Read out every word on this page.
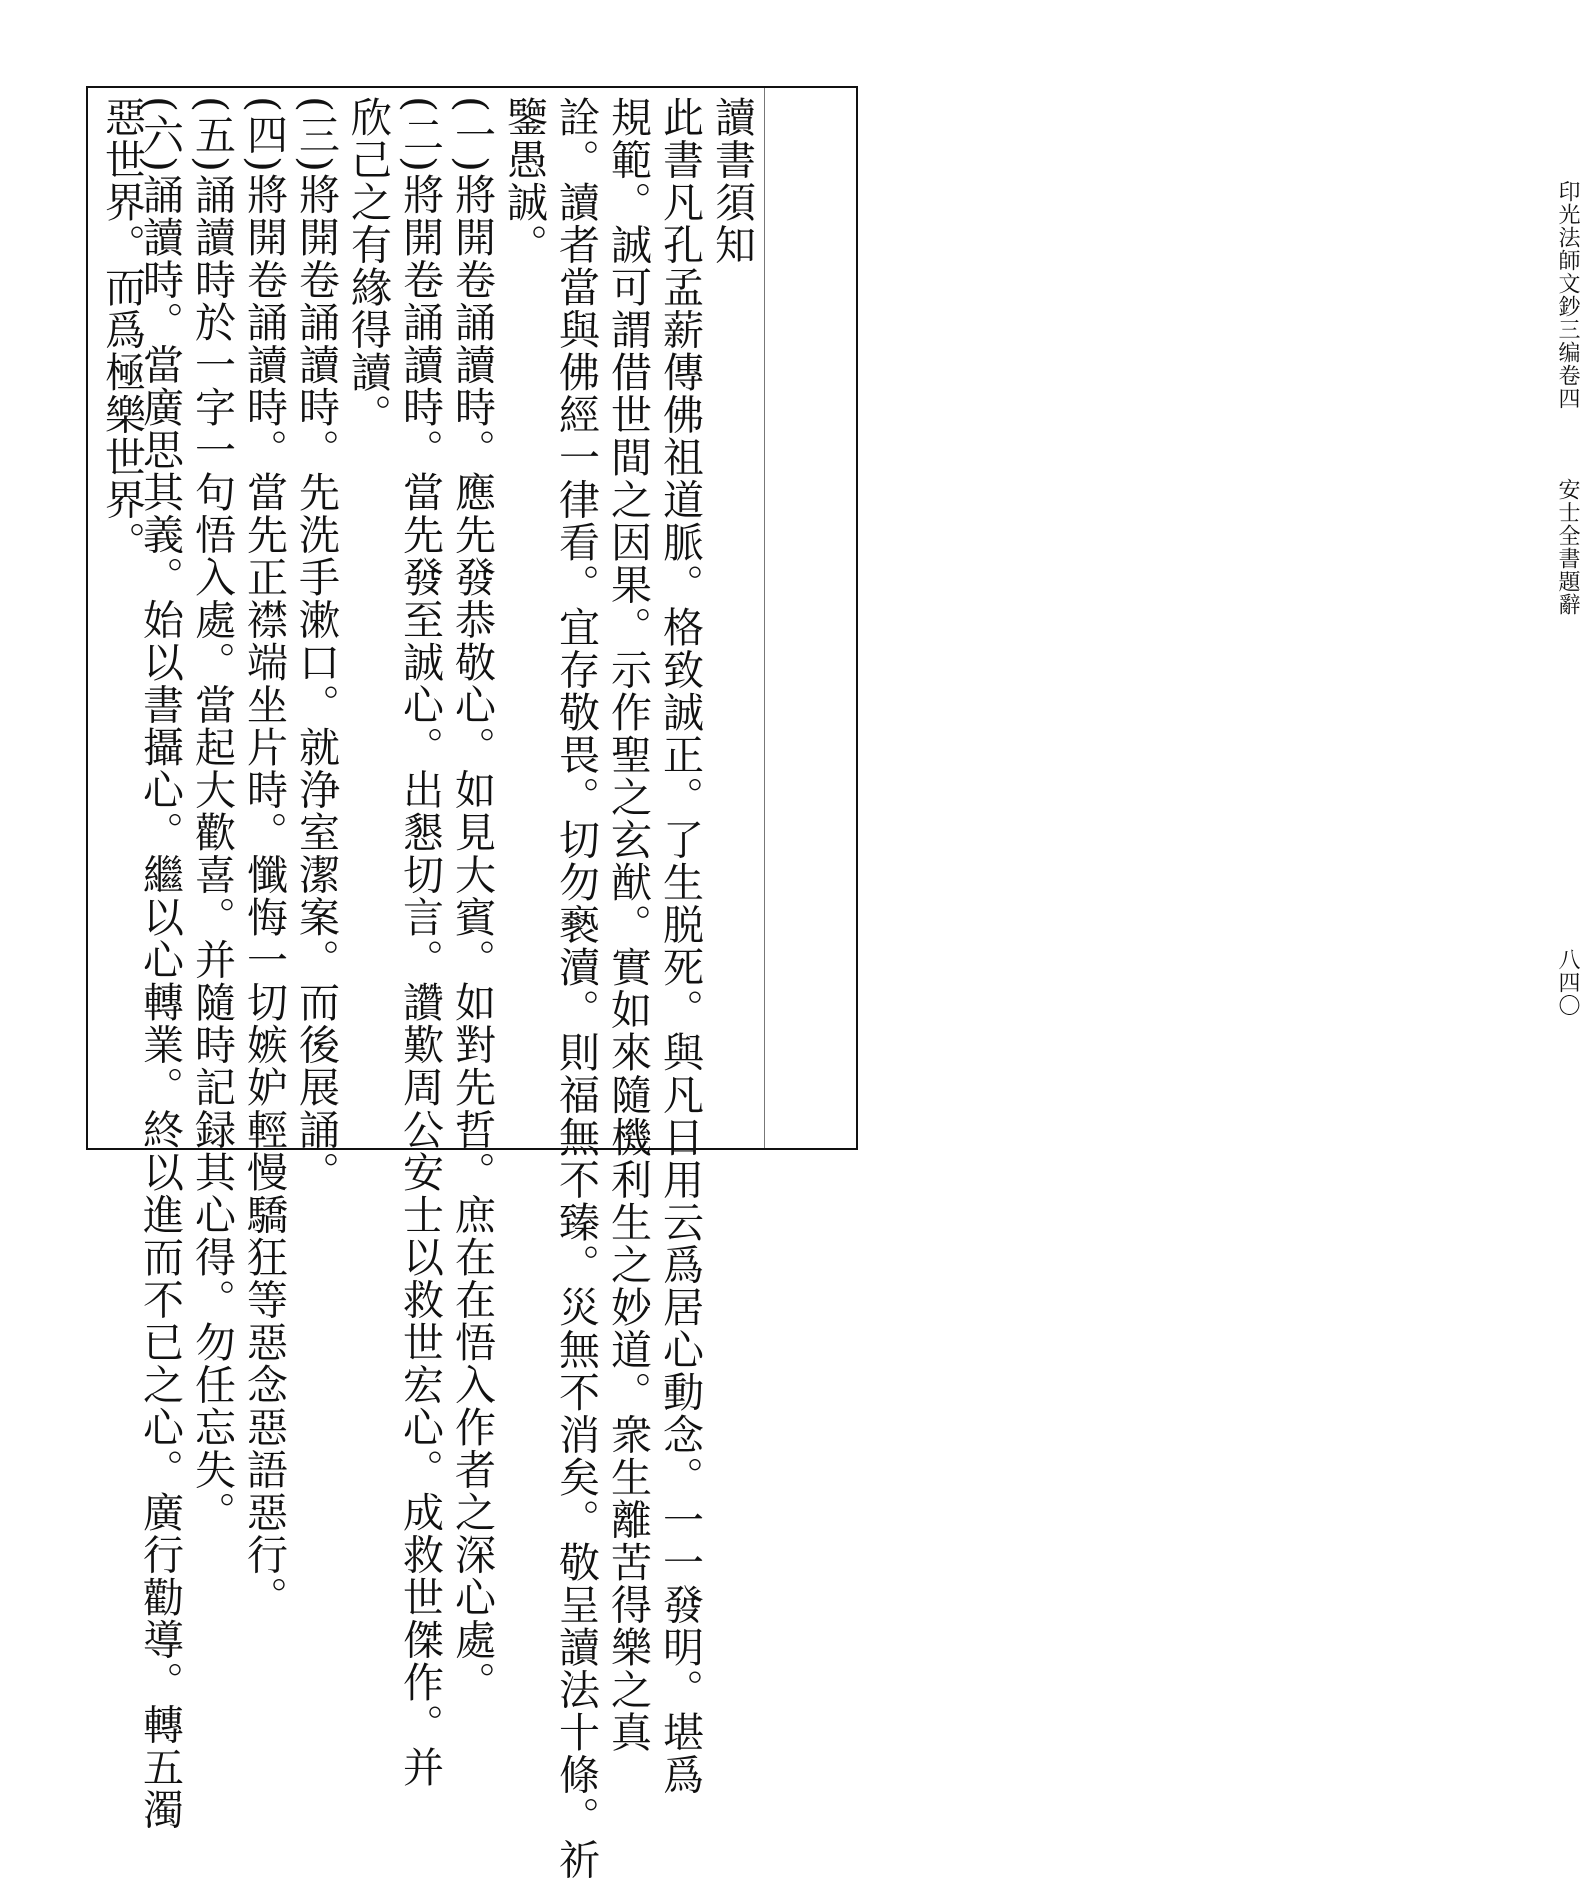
印光法師文鈔三编卷四
安士全書題辭
八四〇
讀書須知
此書凡孔孟薪傳佛祖道脈。格致誠正。了生脱死。與凡日用云爲居心動念。一一發明。堪爲
規範。誠可謂借世間之因果。示作聖之玄猷。實如來隨機利生之妙道。衆生離苦得樂之真
詮。讀者當與佛經一律看。宜存敬畏。切勿褻瀆。則福無不臻。災無不消矣。敬呈讀法十條。祈
鑒愚誠。
(一)將開卷誦讀時。應先發恭敬心。如見大賓。如對先哲。庶在在悟入作者之深心處。
(二)將開卷誦讀時。當先發至誠心。出懇切言。讚歎周公安士以救世宏心。成救世傑作。并
欣己之有緣得讀。
(三)將開卷誦讀時。先洗手漱口。就浄室潔案。而後展誦。
(四)將開卷誦讀時。當先正襟端坐片時。懺悔一切嫉妒輕慢驕狂等惡念惡語惡行。
(五)誦讀時於一字一句悟入處。當起大歡喜。并隨時記録其心得。勿任忘失。
(六)誦讀時。當廣思其義。始以書攝心。繼以心轉業。終以進而不已之心。廣行勸導。轉五濁
惡世界。而爲極樂世界。
